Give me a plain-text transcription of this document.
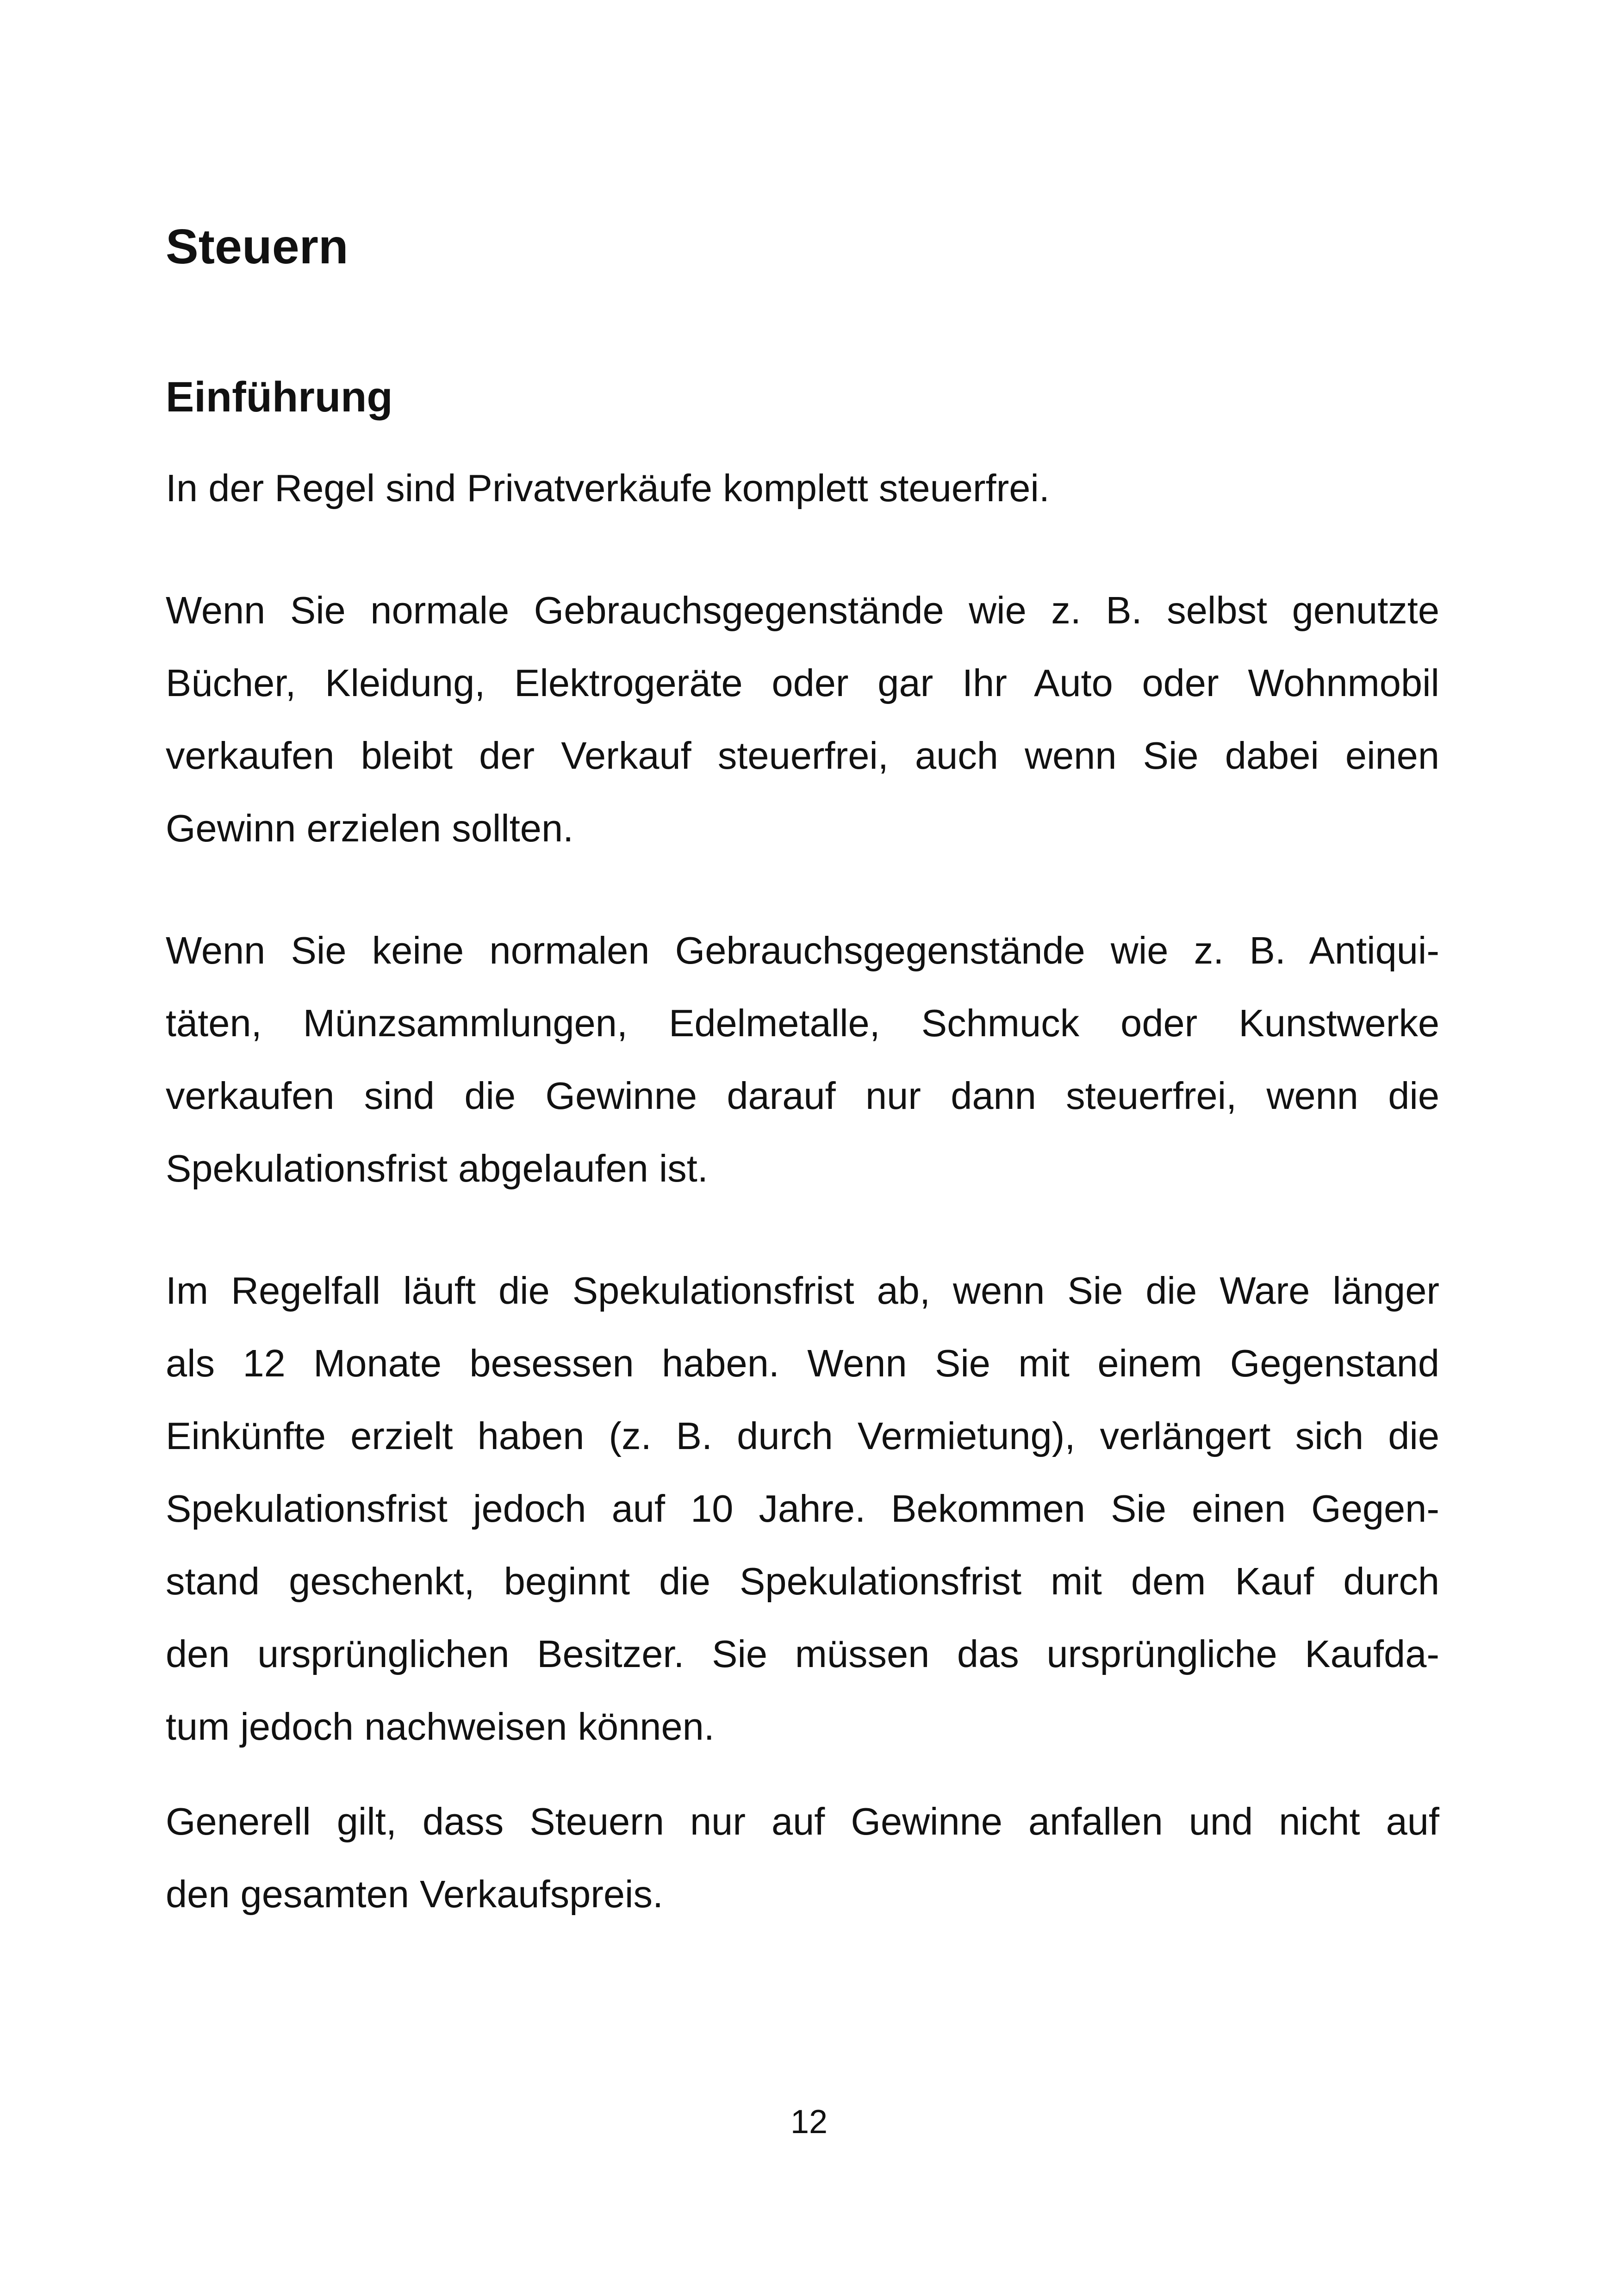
Steuern
Einführung

In der Regel sind Privatverkäufe komplett steuerfrei.

Wenn Sie normale Gebrauchsgegenstände wie z. B. selbst genutzte
Bücher, Kleidung, Elektrogeräte oder gar Ihr Auto oder Wohnmobil
verkaufen bleibt der Verkauf steuerfrei, auch wenn Sie dabei einen
Gewinn erzielen sollten.

Wenn Sie keine normalen Gebrauchsgegenstände wie z. B. Antiqui-
täten, Münzsammlungen, Edelmetalle, Schmuck oder Kunstwerke
verkaufen sind die Gewinne darauf nur dann steuerfrei, wenn die
Spekulationsfrist abgelaufen ist.

Im Regelfall läuft die Spekulationsfrist ab, wenn Sie die Ware länger
als 12 Monate besessen haben. Wenn Sie mit einem Gegenstand
Einkünfte erzielt haben (z. B. durch Vermietung), verlängert sich die
Spekulationsfrist jedoch auf 10 Jahre. Bekommen Sie einen Gegen-
stand geschenkt, beginnt die Spekulationsfrist mit dem Kauf durch
den ursprünglichen Besitzer. Sie müssen das ursprüngliche Kaufda-
tum jedoch nachweisen können.

Generell gilt, dass Steuern nur auf Gewinne anfallen und nicht auf
den gesamten Verkaufspreis.

12
